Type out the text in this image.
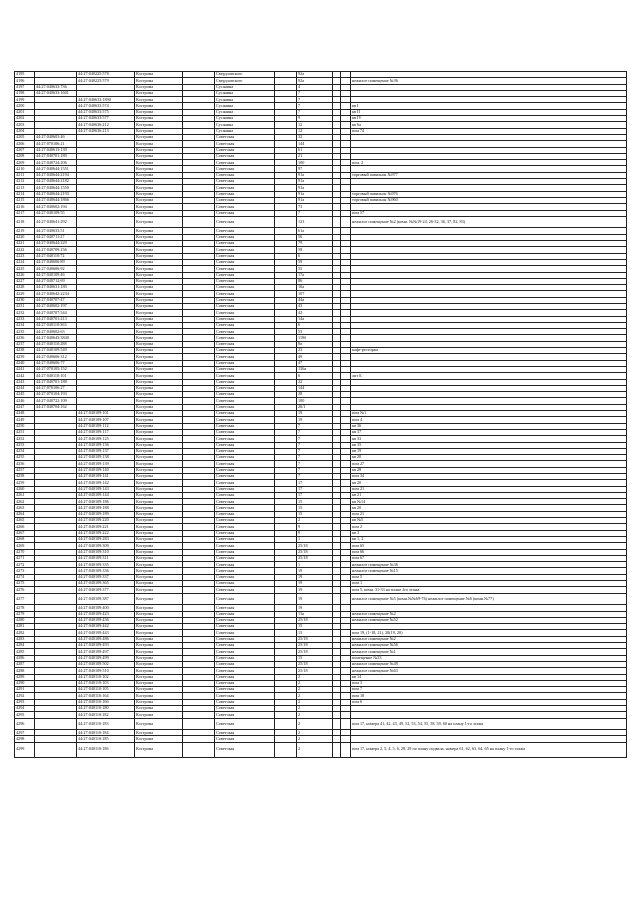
4195		44:27:040225:578	Кострома		Свердловского		92а			
4196		44:27:040225:579	Кострома		Свердловского		92а			нежилое помещение №36
4197	44:27:040633:736		Кострома		Сусанина		4			
4198	44:27:040633:1601		Кострома		Сусанина		7			
4199		44:27:040633:1890	Кострома		Сусанина		7			
4200		44:27:040633:574	Кострома		Сусанина		7			кв I
4201		44:27:040633:575	Кострома		Сусанина		7			кв II
4202		44:27:040633:577	Кострома		Сусанина		9			кв IV
4203		44:27:040636:212	Кострома		Сусанина		12			кв 6а
4204		44:27:040636:213	Кострома		Сусанина		12			пом 74
4205	44:27:040603:46		Кострома		Советская		32			
4206	44:27:070106:21		Кострома		Советская		144			
4207	44:27:040613:139		Кострома		Советская		61			
4208	44:27:040701:189		Кострома		Советская		21			
4209	44:27:040724:206		Кострома		Советская		100			пом. 2
4210	44:27:040644:1551		Кострома		Советская		97			
4211	44:27:040644:2194		Кострома		Советская		91а			торговый павильон №977
4212	44:27:040644:2182		Кострома		Советская		91а			
4213	44:27:040644:1550		Кострома		Советская		91а			
4214	44:27:040644:2193		Кострома		Советская		91а			торговый павильон №976
4215	44:27:040644:1866		Кострома		Советская		91а			торговый павильон №960
4216	44:27:040602:194		Кострома		Советская		73			
4217	44:27:040109:55		Кострома		Советская		7			пом 57
4218	44:27:040641:292		Кострома		Советская		123			нежилое помещение №2 (комн. №№19-24, 26-32, 36, 37, 82, 83)
4219	44:27:040633:51		Кострома		Советская		61а			
4220	44:27:040711:27		Кострома		Советская		56			
4221	44:27:040644:229		Кострома		Советская		79			
4222	44:27:040709:156		Кострома		Советская		58			
4223	44:27:040110:72		Кострома		Советская		6			
4224	44:27:040606:89		Кострома		Советская		59			
4225	44:27:040606:92		Кострома		Советская		55			
4226	44:27:040109:46		Кострома		Советская		17а			
4227	44:27:040712:69		Кострома		Советская		86			
4228	44:27:040631:180		Кострома		Советская		16а			
4229	44:27:040642:2234		Кострома		Советская		107			
4230	44:27:040707:47		Кострома		Советская		44а			
4231	44:27:040602:197		Кострома		Советская		43			
4232	44:27:040707:544		Кострома		Советская		42			
4233	44:27:040701:213		Кострома		Советская		14а			
4234	44:27:040110:363		Кострома		Советская		6			
4235	44:27:040602:63		Кострома		Советская		53			
4236	44:27:040643:3840		Кострома		Советская		119б			
4237	44:27:040110:288		Кострома		Советская		8а			
4238	44:27:040109:549		Кострома		Советская		23			кафе-ресторан
4239	44:27:040606:312		Кострома		Советская		49			
4240	44:27:040606:77		Кострома		Советская		47			
4241	44:27:070105:152		Кострома		Советская		136а			
4242	44:27:040110:101		Кострома		Советская		6			лит Б
4243	44:27:040701:188		Кострома		Советская		22			
4244	44:27:070106:27		Кострома		Советская		144			
4245	44:27:070104:193		Кострома		Советская		28			
4246	44:27:040722:109		Кострома		Советская		100			
4247	44:27:040704:162		Кострома		Советская		26/1			
4248		44:27:040109:101	Кострома		Советская		19			пом №1
4249		44:27:040109:107	Кострома		Советская		19			пом 4
4250		44:27:040109:112	Кострома		Советская		7			кв 36
4251		44:27:040109:117	Кострома		Советская		7			кв 37
4252		44:27:040109:125	Кострома		Советская		7			кв 33
4253		44:27:040109:136	Кострома		Советская		7			кв 35
4254		44:27:040109:137	Кострома		Советская		7			кв 19
4255		44:27:040109:138	Кострома		Советская		7			кв 20
4256		44:27:040109:139	Кострома		Советская		7			пом 27
4257		44:27:040109:140	Кострома		Советская		7			кв 28
4258		44:27:040109:141	Кострома		Советская		7			пом 34
4259		44:27:040109:142	Кострома		Советская		17			кв 20
4260		44:27:040109:143	Кострома		Советская		17			пом 21
4261		44:27:040109:144	Кострома		Советская		17			кв 21
4262		44:27:040109:186	Кострома		Советская		15			кв №14
4263		44:27:040109:188	Кострома		Советская		15			кв 20
4264		44:27:040109:189	Кострома		Советская		15			пом 21
4265		44:27:040109:220	Кострома		Советская		2			кв №5
4266		44:27:040109:221	Кострома		Советская		9			пом 2
4267		44:27:040109:222	Кострома		Советская		9			кв 3
4268		44:27:040109:283	Кострома		Советская		1			кв 1, 2
4269		44:27:040109:309	Кострома		Советская		25/18			пом 65
4270		44:27:040109:310	Кострома		Советская		25/18			пом 66
4271		44:27:040109:311	Кострома		Советская		25/18			пом 67
4272		44:27:040109:335	Кострома		Советская		1			нежилое помещение №36
4273		44:27:040109:336	Кострома		Советская		19			нежилое помещение №15
4274		44:27:040109:337	Кострома		Советская		19			пом 5
4275		44:27:040109:365	Кострома		Советская		19			пом 1
4276		44:27:040109:377	Кострома		Советская		19			пом 5, комн. 31-33 на плане 2го этажа
4277		44:27:040109:387	Кострома		Советская		19			нежилое помещение №5 (комн.№№69-76) нежилое помещение №6 (комн.№77)
4278		44:27:040109:400	Кострома		Советская		19			
4279		44:27:040109:423	Кострома		Советская		13а			нежилое помещение №2
4280		44:27:040109:436	Кострома		Советская		25/18			нежилое помещение №52
4281		44:27:040109:442	Кострома		Советская		15			
4282		44:27:040109:443	Кострома		Советская		13			пом 19, (1-18, 21), 20(19, 20)
4283		44:27:040109:486	Кострома		Советская		25/18			нежилое помещение №2
4284		44:27:040109:493	Кострома		Советская		25/18			нежилое помещение №56
4285		44:27:040109:497	Кострома		Советская		25/18			нежилое помещение №1
4286		44:27:040109:499	Кострома		Советская		15			помещение №23
4287		44:27:040109:502	Кострома		Советская		25/18			нежилое помещение №49
4288		44:27:040109:510	Кострома		Советская		25/18			нежилое помещение №63
4289		44:27:040110:102	Кострома		Советская		2			кв 14
4290		44:27:040110:103	Кострома		Советская		2			пом 3
4291		44:27:040110:105	Кострома		Советская		2			пом 7
4292		44:27:040110:164	Кострома		Советская		2			пом 18
4293		44:27:040110:166	Кострома		Советская		2			пом 6
4294		44:27:040110:180	Кострома		Советская		2			
4295		44:27:040110:182	Кострома		Советская		2			
4296		44:27:040110:183	Кострома		Советская		2			пом 17, номера 41, 42, 43, 49, 52, 53, 54, 55, 58, 59, 60 на плану 1-го этажа
4297		44:27:040110:184	Кострома		Советская		2			
4298		44:27:040110:185	Кострома		Советская		2			
4299		44:27:040110:186	Кострома		Советская		2			пом 17, номера 2, 5, 4, 5, 6, 28, 29 по плану подвала, номера 61, 62, 63, 64, 65 на плану 1-го этажа
